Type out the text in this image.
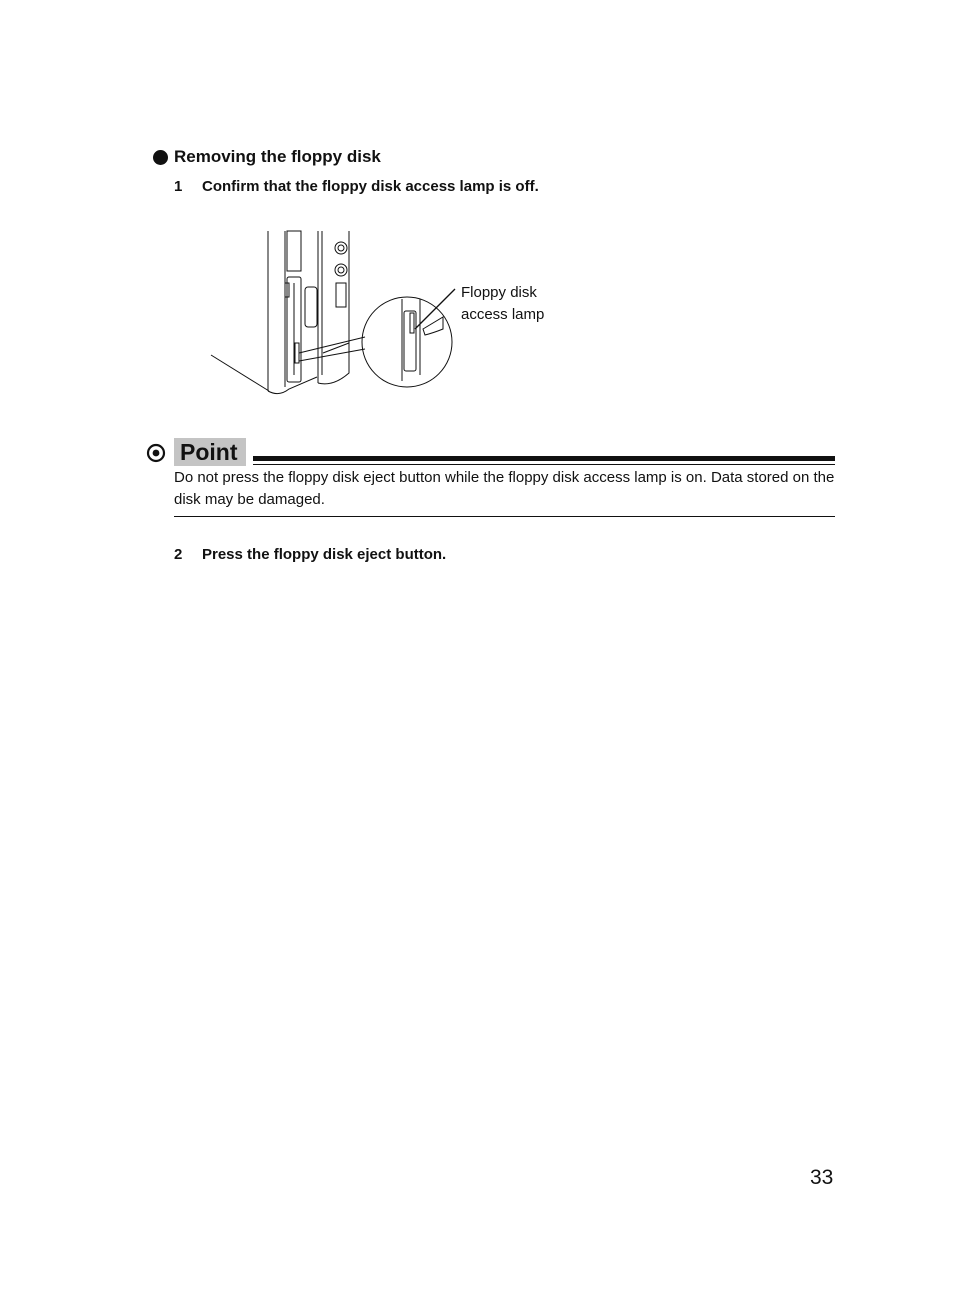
Removing the floppy disk
1 Confirm that the floppy disk access lamp is off.
Floppy disk
access lamp
Point
Do not press the floppy disk eject button while the floppy disk access lamp is on. Data stored on the disk may be damaged.
2 Press the floppy disk eject button.
33
